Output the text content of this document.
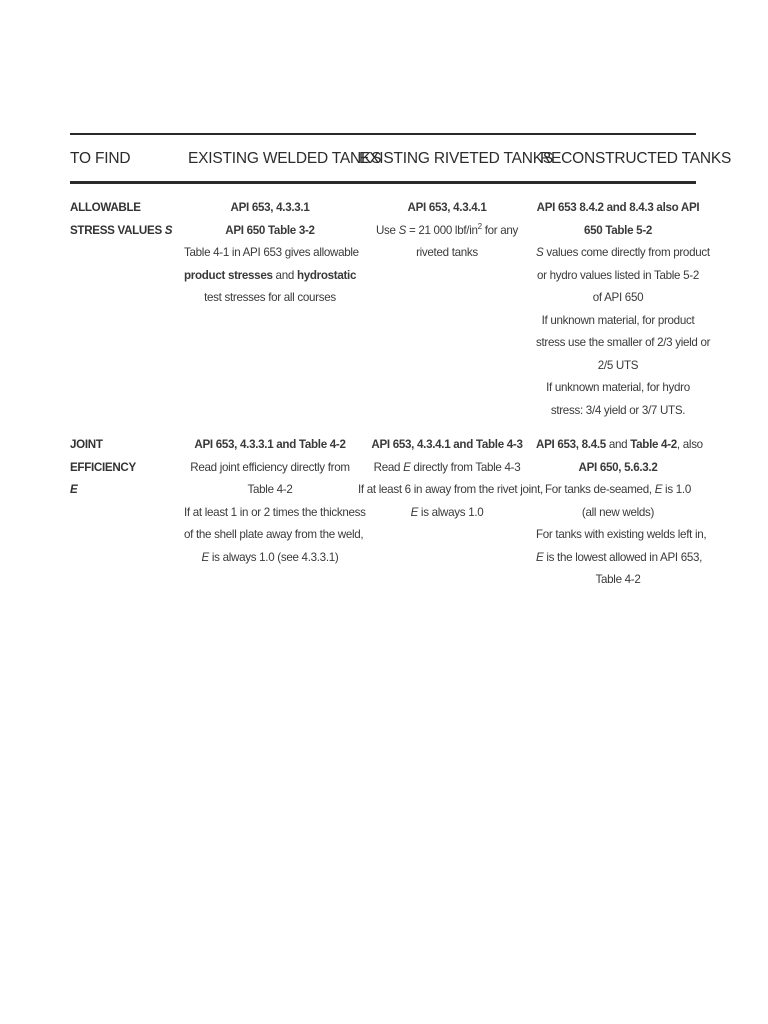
TO FIND	EXISTING WELDED TANKS
EXISTING RIVETED TANKS
RECONSTRUCTED TANKS
ALLOWABLE
STRESS VALUES S
API 653, 4.3.3.1
API 650 Table 3-2
Table 4-1 in API 653 gives allowable
product stresses and hydrostatic
test stresses for all courses
API 653, 4.3.4.1
Use S = 21 000 lbf/$in^2$ for any
riveted tanks
API 653 8.4.2 and 8.4.3 also API
650 Table 5-2
S values come directly from product
or hydro values listed in Table 5-2
of API 650
If unknown material, for product
stress use the smaller of 2/3 yield or
2/5 UTS
If unknown material, for hydro
stress: 3/4 yield or 3/7 UTS.
JOINT
EFFICIENCY
E
API 653, 4.3.3.1 and Table 4-2
Read joint efficiency directly from
Table 4-2
If at least 1 in or 2 times the thickness
of the shell plate away from the weld,
E is always 1.0 (see 4.3.3.1)
API 653, 4.3.4.1 and Table 4-3
Read E directly from Table 4-3
If at least 6 in away from the rivet joint,
E is always 1.0
API 653, 8.4.5 and Table 4-2, also
API 650, 5.6.3.2
For tanks de-seamed, E is 1.0
(all new welds)
For tanks with existing welds left in,
E is the lowest allowed in API 653,
Table 4-2
